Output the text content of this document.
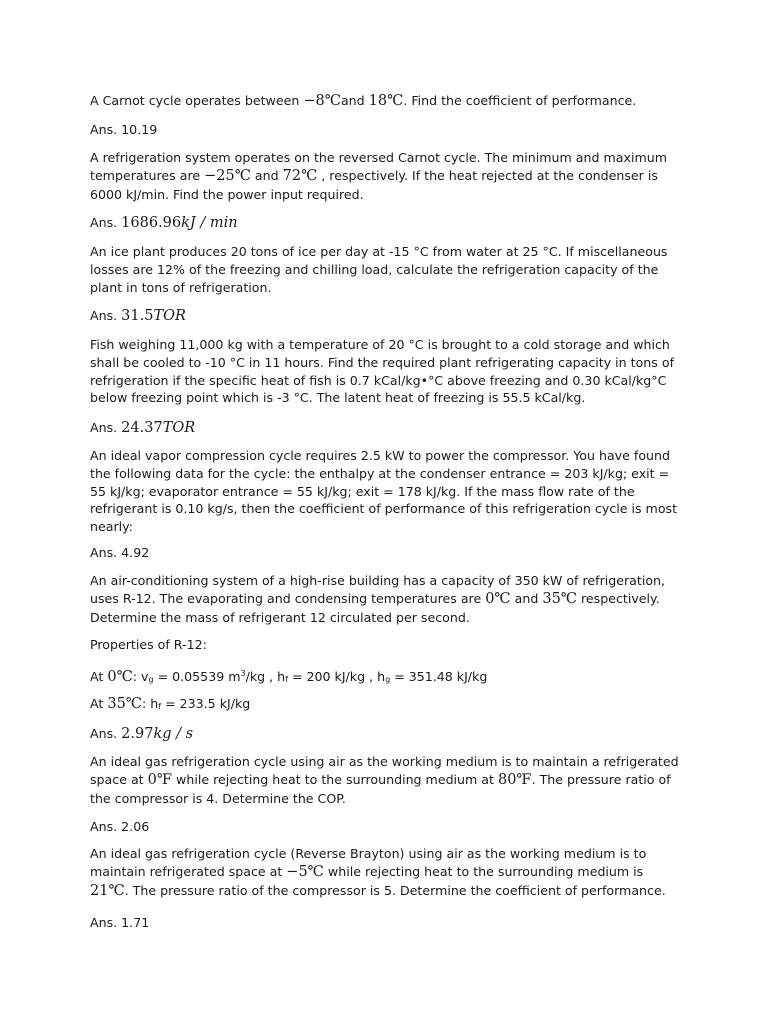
A Carnot cycle operates between −8℃and 18℃. Find the coefficient of performance.

Ans. 10.19

A refrigeration system operates on the reversed Carnot cycle. The minimum and maximum
temperatures are −25℃ and 72℃ , respectively. If the heat rejected at the condenser is
6000 kJ/min. Find the power input required.

Ans. 1686.96kJ / min

An ice plant produces 20 tons of ice per day at -15 °C from water at 25 °C. If miscellaneous
losses are 12% of the freezing and chilling load, calculate the refrigeration capacity of the
plant in tons of refrigeration.

Ans. 31.5TOR

Fish weighing 11,000 kg with a temperature of 20 °C is brought to a cold storage and which
shall be cooled to -10 °C in 11 hours. Find the required plant refrigerating capacity in tons of
refrigeration if the specific heat of fish is 0.7 kCal/kg•°C above freezing and 0.30 kCal/kg°C
below freezing point which is -3 °C. The latent heat of freezing is 55.5 kCal/kg.

Ans. 24.37TOR

An ideal vapor compression cycle requires 2.5 kW to power the compressor. You have found
the following data for the cycle: the enthalpy at the condenser entrance = 203 kJ/kg; exit =
55 kJ/kg; evaporator entrance = 55 kJ/kg; exit = 178 kJ/kg. If the mass flow rate of the
refrigerant is 0.10 kg/s, then the coefficient of performance of this refrigeration cycle is most
nearly:

Ans. 4.92

An air-conditioning system of a high-rise building has a capacity of 350 kW of refrigeration,
uses R-12. The evaporating and condensing temperatures are 0℃ and 35℃ respectively.
Determine the mass of refrigerant 12 circulated per second.

Properties of R-12:

At 0℃: $v_g = 0.05539$ $m^3/kg$ , $h_f = 200$ kJ/kg , $h_g = 351.48$ kJ/kg

At 35℃: $h_f = 233.5$ kJ/kg

Ans. 2.97kg / s

An ideal gas refrigeration cycle using air as the working medium is to maintain a refrigerated
space at 0℉ while rejecting heat to the surrounding medium at 80℉. The pressure ratio of
the compressor is 4. Determine the COP.

Ans. 2.06

An ideal gas refrigeration cycle (Reverse Brayton) using air as the working medium is to
maintain refrigerated space at −5℃ while rejecting heat to the surrounding medium is
21℃. The pressure ratio of the compressor is 5. Determine the coefficient of performance.

Ans. 1.71
